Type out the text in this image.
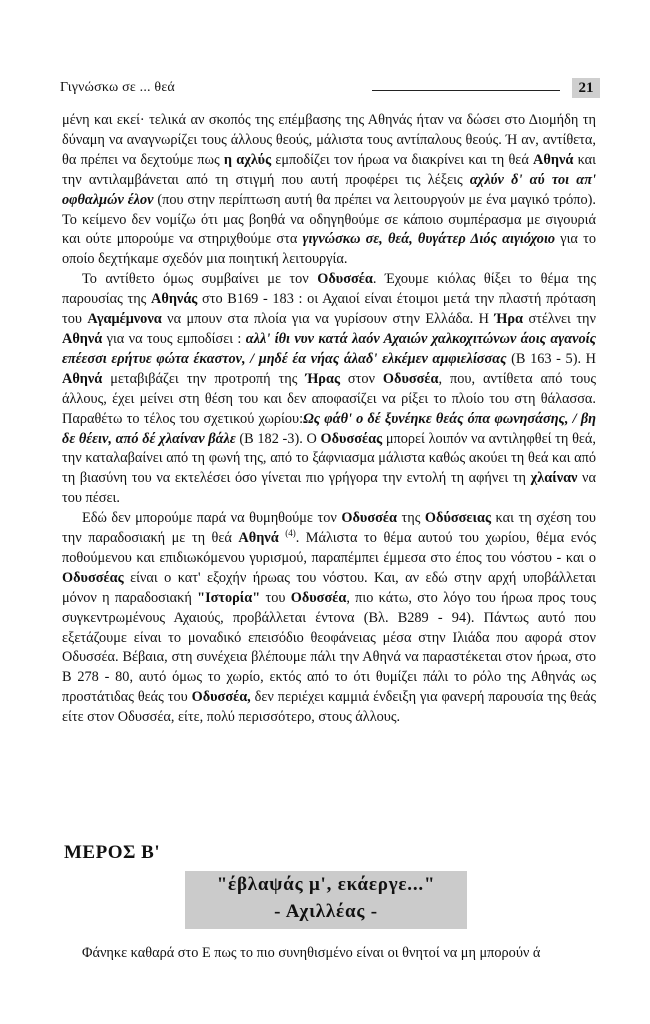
Γιγνώσκω σε ... θεά	21

μένη και εκεί· τελικά αν σκοπός της επέμβασης της Αθηνάς ήταν να δώσει στο Διομήδη τη δύναμη να αναγνωρίζει τους άλλους θεούς, μάλιστα τους αντίπαλους θεούς. Ή αν, αντίθετα, θα πρέπει να δεχτούμε πως η αχλύς εμποδίζει τον ήρωα να διακρίνει και τη θεά Αθηνά και την αντιλαμβάνεται από τη στιγμή που αυτή προφέρει τις λέξεις αχλύν δ' αύ τοι απ' οφθαλμών έλον (που στην περίπτωση αυτή θα πρέπει να λειτουργούν με ένα μαγικό τρόπο). Το κείμενο δεν νομίζω ότι μας βοηθά να οδηγηθούμε σε κάποιο συμπέρασμα με σιγουριά και ούτε μπορούμε να στηριχθούμε στα γιγνώσκω σε, θεά, θυγάτερ Διός αιγιόχοιο για το οποίο δεχτήκαμε σχεδόν μια ποιητική λειτουργία.

Το αντίθετο όμως συμβαίνει με τον Οδυσσέα. Έχουμε κιόλας θίξει το θέμα της παρουσίας της Αθηνάς στο Β169 - 183 : οι Αχαιοί είναι έτοιμοι μετά την πλαστή πρόταση του Αγαμέμνονα να μπουν στα πλοία για να γυρίσουν στην Ελλάδα. Η Ήρα στέλνει την Αθηνά για να τους εμποδίσει : αλλ' ίθι νυν κατά λαόν Αχαιών χαλκοχιτώνων άοις αγανοίς επέεσσι ερήτυε φώτα έκαστον, / μηδέ έα νήας άλαδ' ελκέμεν αμφιελίσσας (Β 163 - 5). Η Αθηνά μεταβιβάζει την προτροπή της Ήρας στον Οδυσσέα, που, αντίθετα από τους άλλους, έχει μείνει στη θέση του και δεν αποφασίζει να ρίξει το πλοίο του στη θάλασσα. Παραθέτω το τέλος του σχετικού χωρίου:Ως φάθ' ο δέ ξυνέηκε θεάς όπα φωνησάσης, / βη δε θέειν, από δέ χλαίναν βάλε (Β 182 -3). Ο Οδυσσέας μπορεί λοιπόν να αντιληφθεί τη θεά, την καταλαβαίνει από τη φωνή της, από το ξάφνιασμα μάλιστα καθώς ακούει τη θεά και από τη βιασύνη του να εκτελέσει όσο γίνεται πιο γρήγορα την εντολή τη αφήνει τη χλαίναν να του πέσει.

Εδώ δεν μπορούμε παρά να θυμηθούμε τον Οδυσσέα της Οδύσσειας και τη σχέση του την παραδοσιακή με τη θεά Αθηνά $^{(4)}$. Μάλιστα το θέμα αυτού του χωρίου, θέμα ενός ποθούμενου και επιδιωκόμενου γυρισμού, παραπέμπει έμμεσα στο έπος του νόστου - και ο Οδυσσέας είναι ο κατ' εξοχήν ήρωας του νόστου. Και, αν εδώ στην αρχή υποβάλλεται μόνον η παραδοσιακή "Ιστορία" του Οδυσσέα, πιο κάτω, στο λόγο του ήρωα προς τους συγκεντρωμένους Αχαιούς, προβάλλεται έντονα (Βλ. Β289 - 94). Πάντως αυτό που εξετάζουμε είναι το μοναδικό επεισόδιο θεοφάνειας μέσα στην Ιλιάδα που αφορά στον Οδυσσέα. Βέβαια, στη συνέχεια βλέπουμε πάλι την Αθηνά να παραστέκεται στον ήρωα, στο Β 278 - 80, αυτό όμως το χωρίο, εκτός από το ότι θυμίζει πάλι το ρόλο της Αθηνάς ως προστάτιδας θεάς του Οδυσσέα, δεν περιέχει καμμιά ένδειξη για φανερή παρουσία της θεάς είτε στον Οδυσσέα, είτε, πολύ περισσότερο, στους άλλους.

ΜΕΡΟΣ Β'
"έβλαψάς μ', εκάεργε..."
- Αχιλλέας -
Φάνηκε καθαρά στο Ε πως το πιο συνηθισμένο είναι οι θνητοί να μη μπορούν ά
